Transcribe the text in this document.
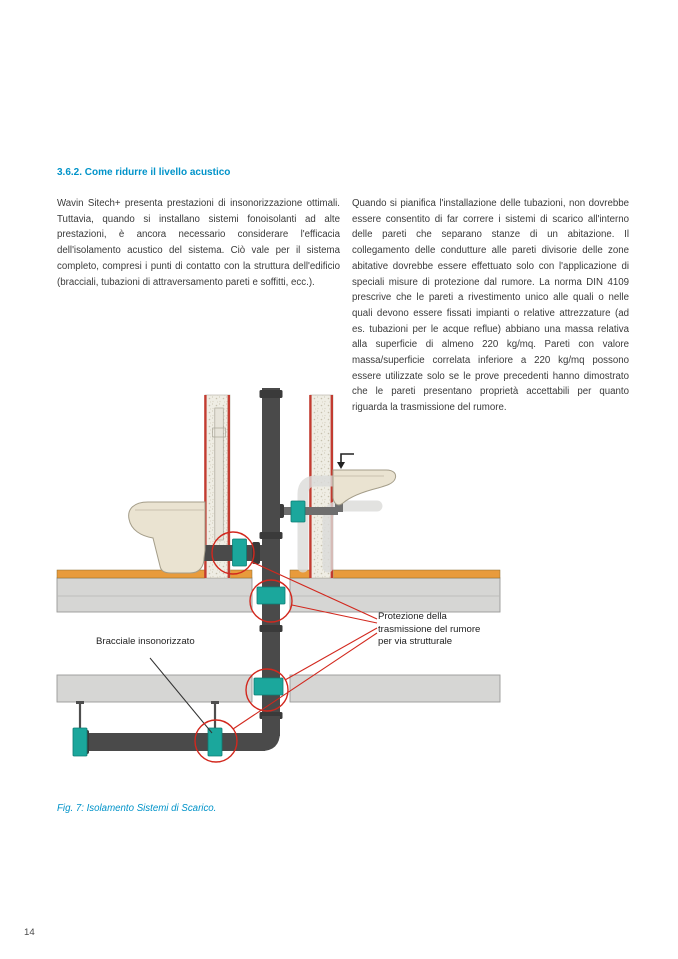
3.6.2. Come ridurre il livello acustico
Wavin Sitech+ presenta prestazioni di insonorizzazione ottimali. Tuttavia, quando si installano sistemi fonoisolanti ad alte prestazioni, è ancora necessario considerare l'efficacia dell'isolamento acustico del sistema. Ciò vale per il sistema completo, compresi i punti di contatto con la struttura dell'edificio (bracciali, tubazioni di attraversamento pareti e soffitti, ecc.).
Quando si pianifica l'installazione delle tubazioni, non dovrebbe essere consentito di far correre i sistemi di scarico all'interno delle pareti che separano stanze di un abitazione. Il collegamento delle condutture alle pareti divisorie delle zone abitative dovrebbe essere effettuato solo con l'applicazione di speciali misure di protezione dal rumore. La norma DIN 4109 prescrive che le pareti a rivestimento unico alle quali o nelle quali devono essere fissati impianti o relative attrezzature (ad es. tubazioni per le acque reflue) abbiano una massa relativa alla superficie di almeno 220 kg/mq. Pareti con valore massa/superficie correlata inferiore a 220 kg/mq possono essere utilizzate solo se le prove precedenti hanno dimostrato che le pareti presentano proprietà accettabili per quanto riguarda la trasmissione del rumore.
Bracciale insonorizzato
Protezione della trasmissione del rumore per via strutturale
Fig. 7: Isolamento Sistemi di Scarico.
14
